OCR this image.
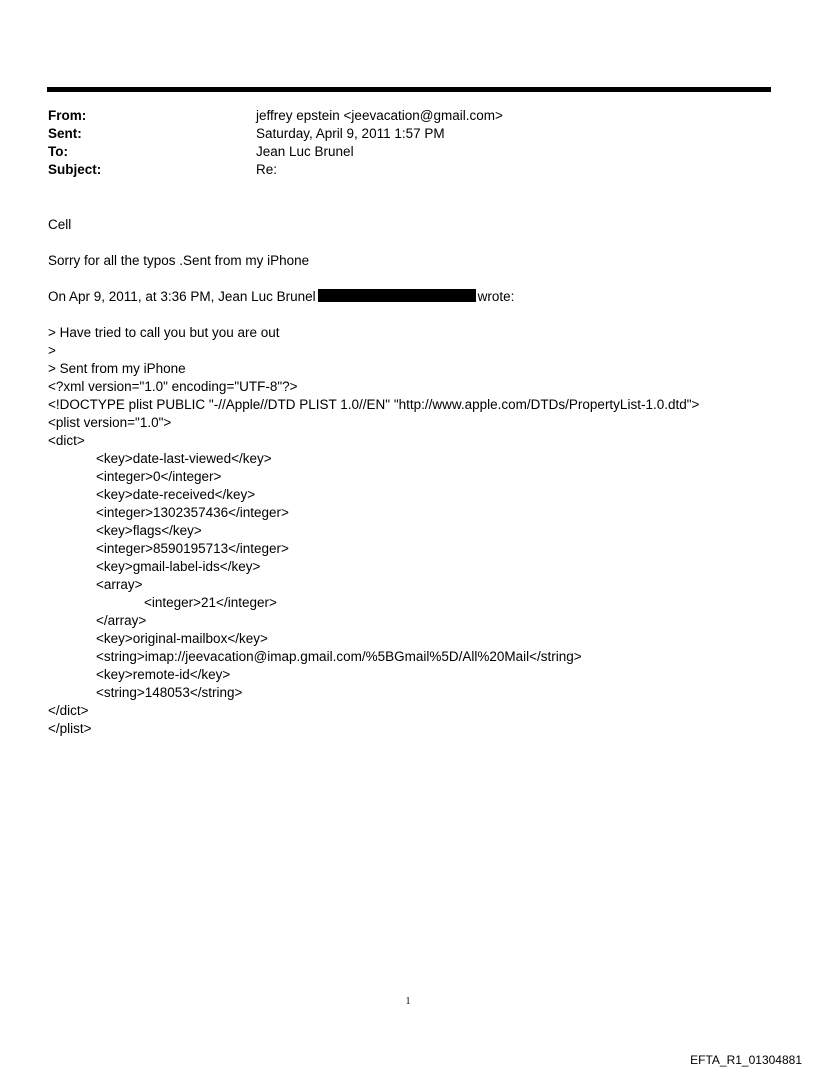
From:	jeffrey epstein <jeevacation@gmail.com>
Sent:	Saturday, April 9, 2011 1:57 PM
To:	Jean Luc Brunel
Subject:	Re:
Cell
Sorry for all the typos .Sent from my iPhone
On Apr 9, 2011, at 3:36 PM, Jean Luc Brunel	wrote:
> Have tried to call you but you are out
>
> Sent from my iPhone
<?xml version="1.0" encoding="UTF-8"?>
<!DOCTYPE plist PUBLIC "-//Apple//DTD PLIST 1.0//EN" "http://www.apple.com/DTDs/PropertyList-1.0.dtd">
<plist version="1.0">
<dict>
<key>date-last-viewed</key>
<integer>0</integer>
<key>date-received</key>
<integer>1302357436</integer>
<key>flags</key>
<integer>8590195713</integer>
<key>gmail-label-ids</key>
<array>
<integer>21</integer>
</array>
<key>original-mailbox</key>
<string>imap://jeevacation@imap.gmail.com/%5BGmail%5D/All%20Mail</string>
<key>remote-id</key>
<string>148053</string>
</dict>
</plist>
1
EFTA_R1_01304881
